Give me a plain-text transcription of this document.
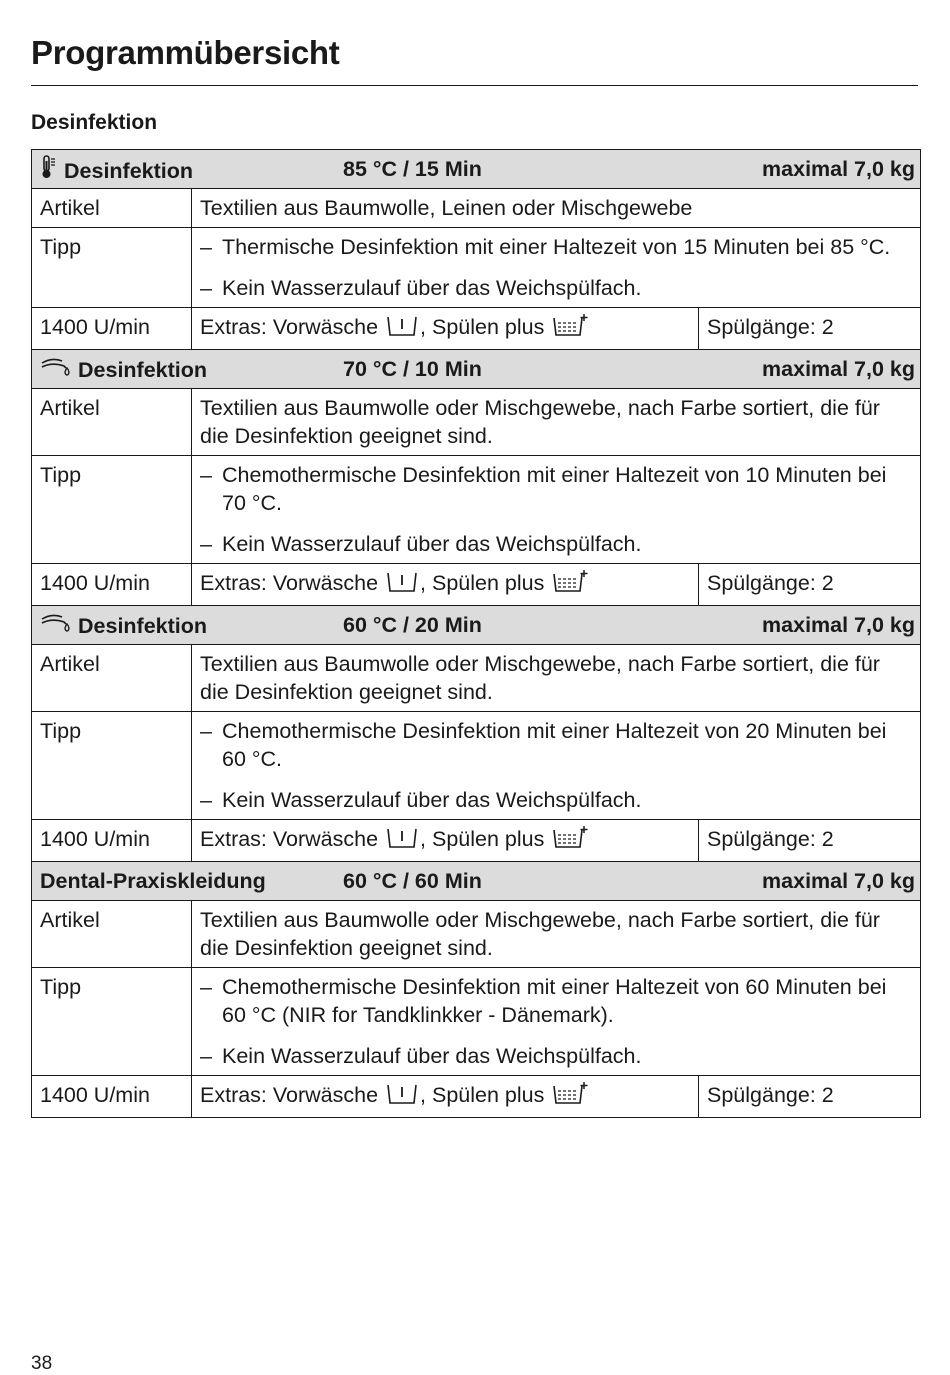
Programmübersicht
Desinfektion
Desinfektion 85 °C / 15 Min maximal 7,0 kg		

Artikel	Textilien aus Baumwolle, Leinen oder Mischgewebe	
Tipp	– Thermische Desinfektion mit einer Haltezeit von 15 Minuten bei 85 °C.
– Kein Wasserzulauf über das Weichspülfach.	

1400 U/min	Extras: Vorwäsche , Spülen plus	Spülgänge: 2

Desinfektion 70 °C / 10 Min maximal 7,0 kg		

Artikel	Textilien aus Baumwolle oder Mischgewebe, nach Farbe sortiert, die für die Desinfektion geeignet sind.	
Tipp	– Chemothermische Desinfektion mit einer Haltezeit von 10 Minuten bei 70 °C.
– Kein Wasserzulauf über das Weichspülfach.	

1400 U/min	Extras: Vorwäsche , Spülen plus	Spülgänge: 2

Desinfektion 60 °C / 20 Min maximal 7,0 kg		

Artikel	Textilien aus Baumwolle oder Mischgewebe, nach Farbe sortiert, die für die Desinfektion geeignet sind.	
Tipp	– Chemothermische Desinfektion mit einer Haltezeit von 20 Minuten bei 60 °C.
– Kein Wasserzulauf über das Weichspülfach.	

1400 U/min	Extras: Vorwäsche , Spülen plus	Spülgänge: 2

Dental-Praxiskleidung 60 °C / 60 Min maximal 7,0 kg		

Artikel	Textilien aus Baumwolle oder Mischgewebe, nach Farbe sortiert, die für die Desinfektion geeignet sind.	
Tipp	– Chemothermische Desinfektion mit einer Haltezeit von 60 Minuten bei 60 °C (NIR for Tandklinkker - Dänemark).
– Kein Wasserzulauf über das Weichspülfach.	

1400 U/min	Extras: Vorwäsche , Spülen plus	Spülgänge: 2
38
